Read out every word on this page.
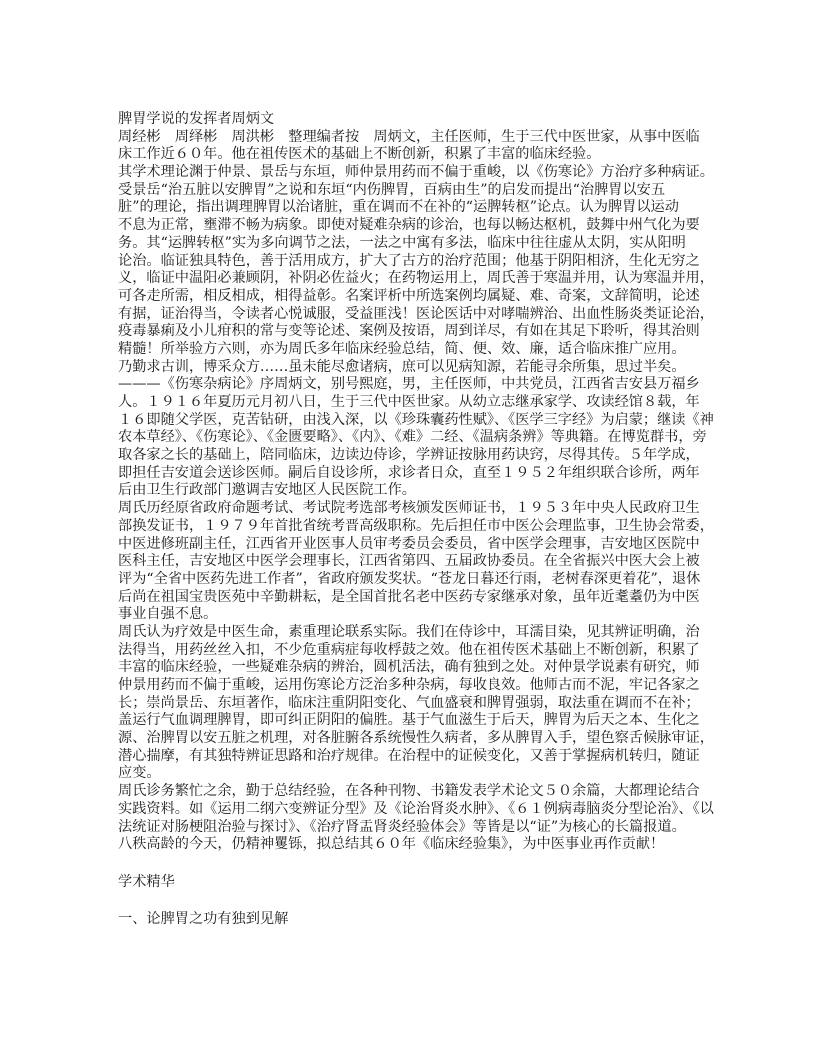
脾胃学说的发挥者周炳文
周经彬　周绎彬　周洪彬　整理编者按　周炳文，主任医师，生于三代中医世家，从事中医临
床工作近６０年。他在祖传医术的基础上不断创新，积累了丰富的临床经验。
其学术理论渊于仲景、景岳与东垣，师仲景用药而不偏于重峻，以《伤寒论》方治疗多种病证。
受景岳“治五脏以安脾胃”之说和东垣“内伤脾胃，百病由生”的启发而提出“治脾胃以安五
脏”的理论，指出调理脾胃以治诸脏，重在调而不在补的“运脾转枢”论点。认为脾胃以运动
不息为正常，壅滞不畅为病象。即使对疑难杂病的诊治，也每以畅达枢机，鼓舞中州气化为要
务。其“运脾转枢”实为多向调节之法，一法之中寓有多法，临床中往往虚从太阴，实从阳明
论治。临证独具特色，善于活用成方，扩大了古方的治疗范围；他基于阴阳相济，生化无穷之
义，临证中温阳必兼顾阴，补阴必佐益火；在药物运用上，周氏善于寒温并用，认为寒温并用，
可各走所需，相反相成，相得益彰。名案评析中所选案例均属疑、难、奇案，文辞简明，论述
有据，证治得当，令读者心悦诚服，受益匪浅！医论医话中对哮喘辨治、出血性肠炎类证论治，
疫毒暴痢及小儿疳积的常与变等论述、案例及按语，周到详尽，有如在其足下聆听，得其治则
精髓！所举验方六则，亦为周氏多年临床经验总结，简、便、效、廉，适合临床推广应用。
乃勤求古训，博采众方……虽未能尽愈诸病，庶可以见病知源，若能寻余所集，思过半矣。
———《伤寒杂病论》序周炳文，别号熙庭，男，主任医师，中共党员，江西省吉安县万福乡
人。１９１６年夏历元月初八日，生于三代中医世家。从幼立志继承家学、攻读经馆８载，年
１６即随父学医，克苦钻研，由浅入深，以《珍珠囊药性赋》、《医学三字经》为启蒙；继读《神
农本草经》、《伤寒论》、《金匮要略》、《内》、《难》二经、《温病条辨》等典籍。在博览群书，旁
取各家之长的基础上，陪同临床，边读边侍诊，学辨证按脉用药诀窍，尽得其传。５年学成，
即担任吉安道会送诊医师。嗣后自设诊所，求诊者日众，直至１９５２年组织联合诊所，两年
后由卫生行政部门邀调吉安地区人民医院工作。
周氏历经原省政府命题考试、考试院考选部考核颁发医师证书，１９５３年中央人民政府卫生
部换发证书，１９７９年首批省统考晋高级职称。先后担任市中医公会理监事，卫生协会常委，
中医进修班副主任，江西省开业医事人员审考委员会委员，省中医学会理事，吉安地区医院中
医科主任，吉安地区中医学会理事长，江西省第四、五届政协委员。在全省振兴中医大会上被
评为“全省中医药先进工作者”，省政府颁发奖状。“苍龙日暮还行雨，老树春深更着花”，退休
后尚在祖国宝贵医苑中辛勤耕耘，是全国首批名老中医药专家继承对象，虽年近耄耋仍为中医
事业自强不息。
周氏认为疗效是中医生命，素重理论联系实际。我们在侍诊中，耳濡目染，见其辨证明确，治
法得当，用药丝丝入扣，不少危重病症每收桴鼓之效。他在祖传医术基础上不断创新，积累了
丰富的临床经验，一些疑难杂病的辨治，圆机活法，确有独到之处。对仲景学说素有研究，师
仲景用药而不偏于重峻，运用伤寒论方泛治多种杂病，每收良效。他师古而不泥，牢记各家之
长；崇尚景岳、东垣著作，临床注重阴阳变化、气血盛衰和脾胃强弱，取法重在调而不在补；
盖运行气血调理脾胃，即可纠正阴阳的偏胜。基于气血滋生于后天，脾胃为后天之本、生化之
源、治脾胃以安五脏之机理，对各脏腑各系统慢性久病者，多从脾胃入手，望色察舌候脉审证，
潜心揣摩，有其独特辨证思路和治疗规律。在治程中的证候变化，又善于掌握病机转归，随证
应变。
周氏诊务繁忙之余，勤于总结经验，在各种刊物、书籍发表学术论文５０余篇，大都理论结合
实践资料。如《运用二纲六变辨证分型》及《论治肾炎水肿》、《６１例病毒脑炎分型论治》、《以
法统证对肠梗阻治验与探讨》、《治疗肾盂肾炎经验体会》等皆是以“证”为核心的长篇报道。
八秩高龄的今天，仍精神矍铄，拟总结其６０年《临床经验集》，为中医事业再作贡献！
学术精华
一、论脾胃之功有独到见解
